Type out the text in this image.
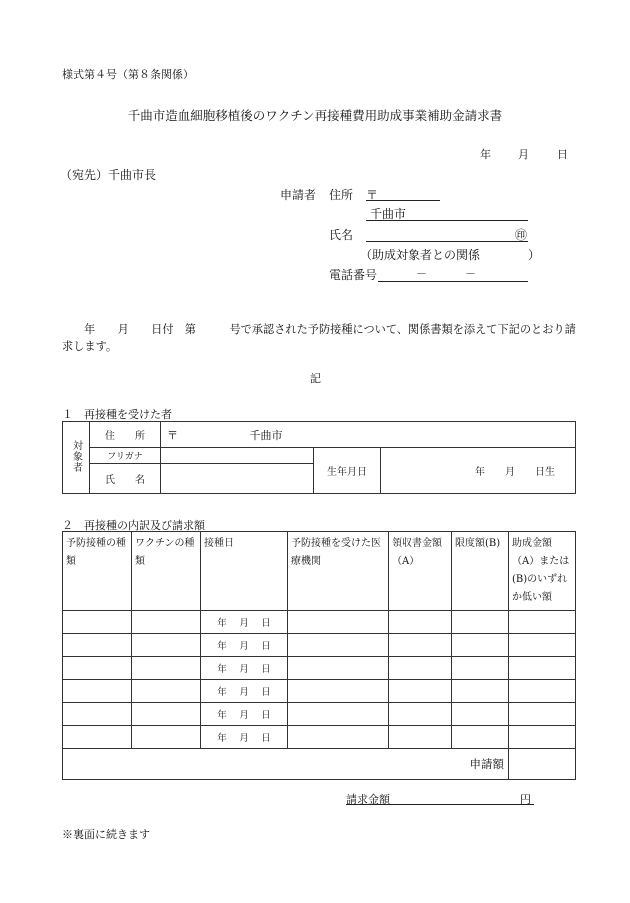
様式第４号（第８条関係）
千曲市造血細胞移植後のワクチン再接種費用助成事業補助金請求書
年 月	日
（宛先）千曲市長
申請者 住所 〒
千曲市
氏名	㊞
（助成対象者との関係	）
電話番号	－	－
年　　月　　日付　第　　　号で承認された予防接種について、関係書類を添えて下記のとおり請
求します。
記
１　再接種を受けた者
対象者	住　　所	〒 千曲市		
	フリガナ		生年月日	年　　月　　日生
	氏　　名			
２　再接種の内訳及び請求額
予防接種の種類	ワクチンの種類	接種日	予防接種を受けた医療機関	領収書金額（A）	限度額(B)	助成金額（A）または(B)のいずれか低い額
		年　 月　 日				
		年　 月　 日				
		年　 月　 日				
		年　 月　 日				
		年　 月　 日				
		年　 月　 日				
申請額						
請求金額	円
※裏面に続きます
